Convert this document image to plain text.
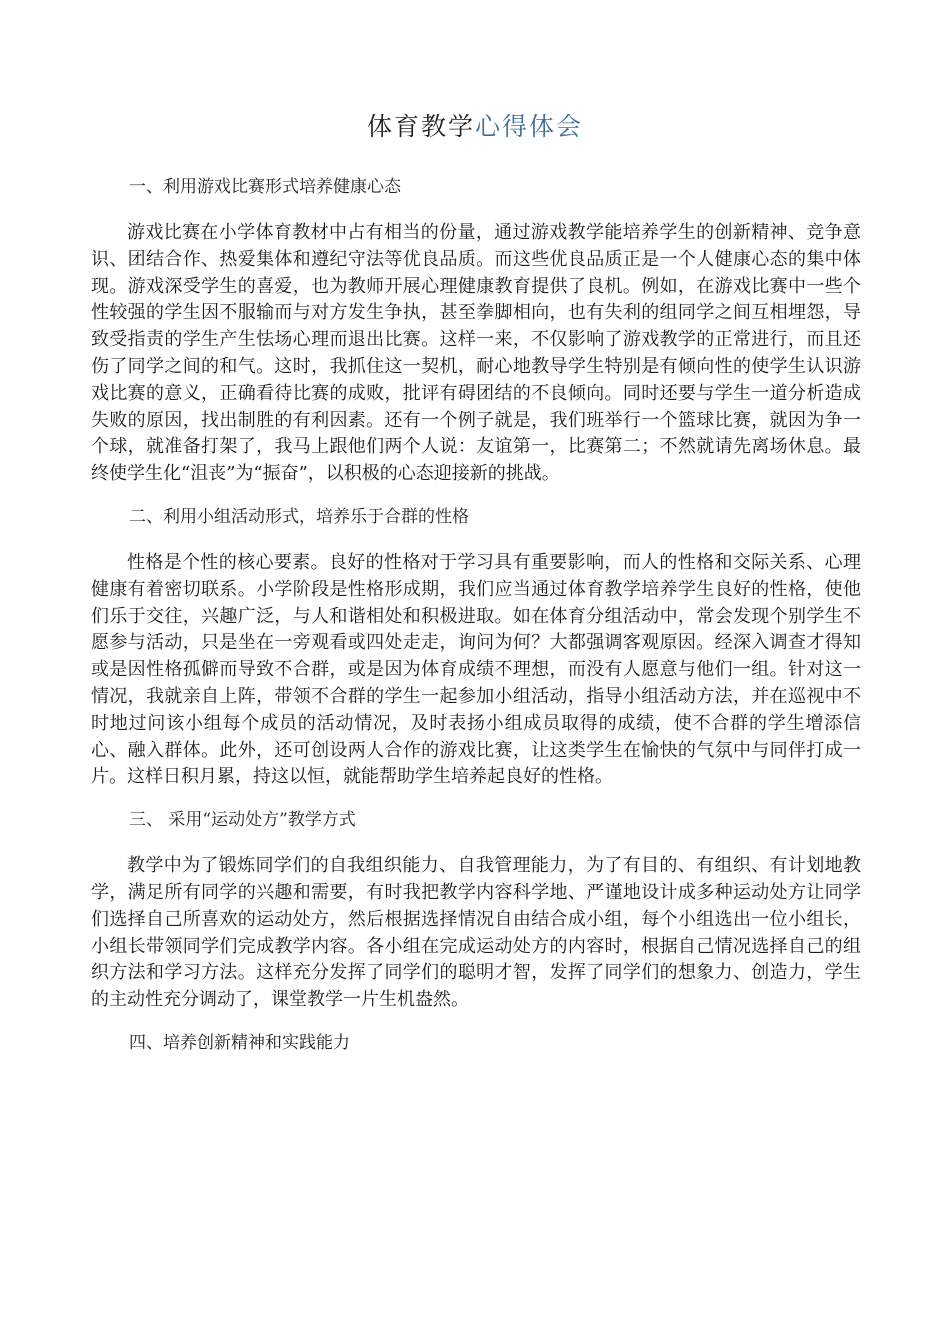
体育教学心得体会

一、利用游戏比赛形式培养健康心态

游戏比赛在小学体育教材中占有相当的份量，通过游戏教学能培养学生的创新精神、竞争意识、团结合作、热爱集体和遵纪守法等优良品质。而这些优良品质正是一个人健康心态的集中体现。游戏深受学生的喜爱，也为教师开展心理健康教育提供了良机。例如，在游戏比赛中一些个性较强的学生因不服输而与对方发生争执，甚至拳脚相向，也有失利的组同学之间互相埋怨，导致受指责的学生产生怯场心理而退出比赛。这样一来，不仅影响了游戏教学的正常进行，而且还伤了同学之间的和气。这时，我抓住这一契机，耐心地教导学生特别是有倾向性的使学生认识游戏比赛的意义，正确看待比赛的成败，批评有碍团结的不良倾向。同时还要与学生一道分析造成失败的原因，找出制胜的有利因素。还有一个例子就是，我们班举行一个篮球比赛，就因为争一个球，就准备打架了，我马上跟他们两个人说：友谊第一，比赛第二；不然就请先离场休息。最终使学生化“沮丧”为“振奋”，以积极的心态迎接新的挑战。

二、利用小组活动形式，培养乐于合群的性格

性格是个性的核心要素。良好的性格对于学习具有重要影响，而人的性格和交际关系、心理健康有着密切联系。小学阶段是性格形成期，我们应当通过体育教学培养学生良好的性格，使他们乐于交往，兴趣广泛，与人和谐相处和积极进取。如在体育分组活动中，常会发现个别学生不愿参与活动，只是坐在一旁观看或四处走走，询问为何？大都强调客观原因。经深入调查才得知或是因性格孤僻而导致不合群，或是因为体育成绩不理想，而没有人愿意与他们一组。针对这一情况，我就亲自上阵，带领不合群的学生一起参加小组活动，指导小组活动方法，并在巡视中不时地过问该小组每个成员的活动情况，及时表扬小组成员取得的成绩，使不合群的学生增添信心、融入群体。此外，还可创设两人合作的游戏比赛，让这类学生在愉快的气氛中与同伴打成一片。这样日积月累，持这以恒，就能帮助学生培养起良好的性格。

三、 采用“运动处方”教学方式

教学中为了锻炼同学们的自我组织能力、自我管理能力，为了有目的、有组织、有计划地教学，满足所有同学的兴趣和需要，有时我把教学内容科学地、严谨地设计成多种运动处方让同学们选择自己所喜欢的运动处方，然后根据选择情况自由结合成小组，每个小组选出一位小组长，小组长带领同学们完成教学内容。各小组在完成运动处方的内容时，根据自己情况选择自己的组织方法和学习方法。这样充分发挥了同学们的聪明才智，发挥了同学们的想象力、创造力，学生的主动性充分调动了，课堂教学一片生机盎然。

四、培养创新精神和实践能力
